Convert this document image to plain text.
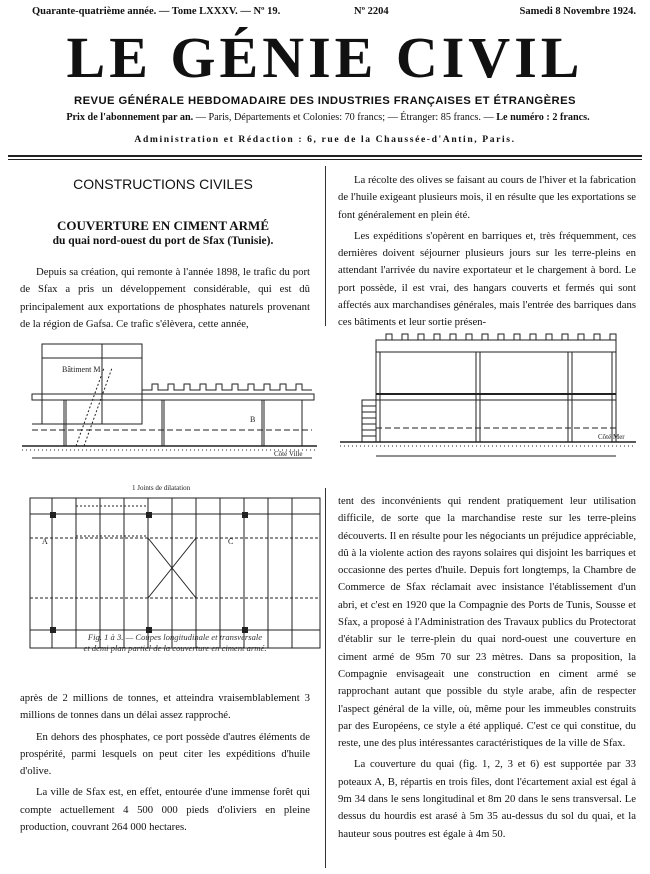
Quarante-quatrième année. — Tome LXXXV. — Nº 19.	Nº 2204	Samedi 8 Novembre 1924.
LE GÉNIE CIVIL
REVUE GÉNÉRALE HEBDOMADAIRE DES INDUSTRIES FRANÇAISES ET ÉTRANGÈRES
Prix de l'abonnement par an. — Paris, Départements et Colonies: 70 francs; — Étranger: 85 francs. — Le numéro : 2 francs.
Administration et Rédaction : 6, rue de la Chaussée-d'Antin, Paris.
CONSTRUCTIONS CIVILES
COUVERTURE EN CIMENT ARMÉ
du quai nord-ouest du port de Sfax (Tunisie).

Depuis sa création, qui remonte à l'année 1898, le trafic du port de Sfax a pris un développement considérable, qui est dû principalement aux exportations de phosphates naturels provenant de la région de Gafsa. Ce trafic s'élèvera, cette année,

Bâtiment M
Côté Ville
1 Joints de dilatation
A
B
C
Fig. 1 à 3. — Coupes longitudinale et transversale
et demi plan partiel de la couverture en ciment armé.

après de 2 millions de tonnes, et atteindra vraisemblablement 3 millions de tonnes dans un délai assez rapproché.

En dehors des phosphates, ce port possède d'autres éléments de prospérité, parmi lesquels on peut citer les expéditions d'huile d'olive.

La ville de Sfax est, en effet, entourée d'une immense forêt qui compte actuellement 4 500 000 pieds d'oliviers en pleine production, couvrant 264 000 hectares.

La récolte des olives se faisant au cours de l'hiver et la fabrication de l'huile exigeant plusieurs mois, il en résulte que les exportations se font généralement en plein été.

Les expéditions s'opèrent en barriques et, très fréquemment, ces dernières doivent séjourner plusieurs jours sur les terre-pleins en attendant l'arrivée du navire exportateur et le chargement à bord. Le port possède, il est vrai, des hangars couverts et fermés qui sont affectés aux marchandises générales, mais l'entrée des barriques dans ces bâtiments et leur sortie présen-

Côté Mer

tent des inconvénients qui rendent pratiquement leur utilisation difficile, de sorte que la marchandise reste sur les terre-pleins découverts. Il en résulte pour les négociants un préjudice appréciable, dû à la violente action des rayons solaires qui disjoint les barriques et occasionne des pertes d'huile. Depuis fort longtemps, la Chambre de Commerce de Sfax réclamait avec insistance l'établissement d'un abri, et c'est en 1920 que la Compagnie des Ports de Tunis, Sousse et Sfax, a proposé à l'Administration des Travaux publics du Protectorat d'établir sur le terre-plein du quai nord-ouest une couverture en ciment armé de 95m 70 sur 23 mètres. Dans sa proposition, la Compagnie envisageait une construction en ciment armé se rapprochant autant que possible du style arabe, afin de respecter l'aspect général de la ville, où, même pour les immeubles construits par des Européens, ce style a été appliqué. C'est ce qui constitue, du reste, une des plus intéressantes caractéristiques de la ville de Sfax.

La couverture du quai (fig. 1, 2, 3 et 6) est supportée par 33 poteaux A, B, répartis en trois files, dont l'écartement axial est égal à 9m 34 dans le sens longitudinal et 8m 20 dans le sens transversal. Le dessus du hourdis est arasé à 5m 35 au-dessus du sol du quai, et la hauteur sous poutres est égale à 4m 50.
